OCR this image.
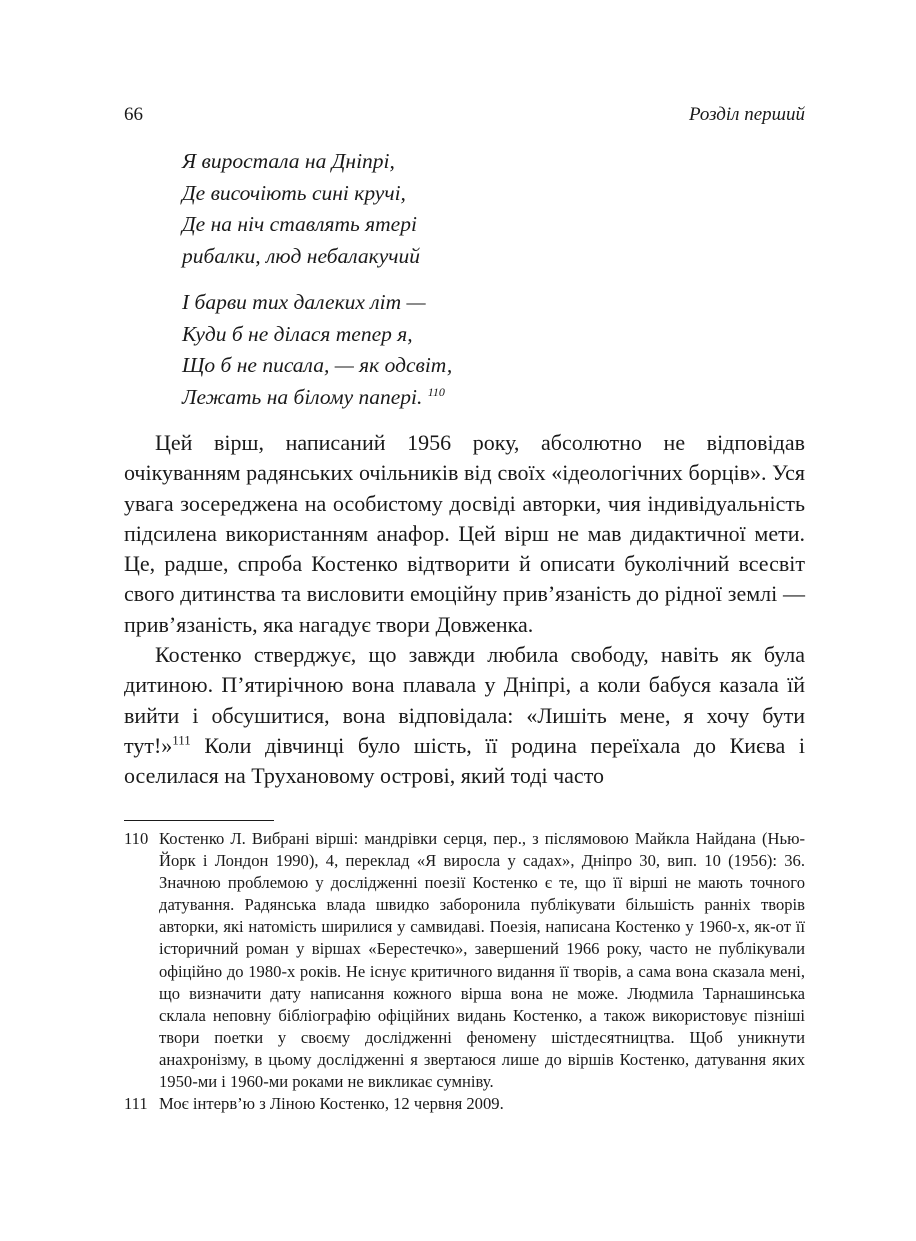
66	Розділ перший
Я виростала на Дніпрі,
Де височіють сині кручі,
Де на ніч ставлять ятері
рибалки, люд небалакучий
І барви тих далеких літ —
Куди б не ділася тепер я,
Що б не писала, — як одсвіт,
Лежать на білому папері. $^{110}$

Цей вірш, написаний 1956 року, абсолютно не відповідав очікуванням радянських очільників від своїх «ідеологічних борців». Уся увага зосереджена на особистому досвіді авторки, чия індивідуальність підсилена використанням анафор. Цей вірш не мав дидактичної мети. Це, радше, спроба Костенко відтворити й описати буколічний всесвіт свого дитинства та висловити емоційну прив’язаність до рідної землі — прив’язаність, яка нагадує твори Довженка.

Костенко стверджує, що завжди любила свободу, навіть як була дитиною. П’ятирічною вона плавала у Дніпрі, а коли бабуся казала їй вийти і обсушитися, вона відповідала: «Лишіть мене, я хочу бути тут!»$^{111}$ Коли дівчинці було шість, її родина переїхала до Києва і оселилася на Трухановому острові, який тоді часто

110 Костенко Л. Вибрані вірші: мандрівки серця, пер., з післямовою Майкла Найдана (Нью-Йорк і Лондон 1990), 4, переклад «Я виросла у садах», Дніпро 30, вип. 10 (1956): 36. Значною проблемою у дослідженні поезії Костенко є те, що її вірші не мають точного датування. Радянська влада швидко заборонила публікувати більшість ранніх творів авторки, які натомість ширилися у самвидаві. Поезія, написана Костенко у 1960-х, як-от її історичний роман у віршах «Берестечко», завершений 1966 року, часто не публікували офіційно до 1980-х років. Не існує критичного видання її творів, а сама вона сказала мені, що визначити дату написання кожного вірша вона не може. Людмила Тарнашинська склала неповну бібліографію офіційних видань Костенко, а також використовує пізніші твори поетки у своєму дослідженні феномену шістдесятництва. Щоб уникнути анахронізму, в цьому дослідженні я звертаюся лише до віршів Костенко, датування яких 1950-ми і 1960-ми роками не викликає сумніву.
111 Моє інтерв’ю з Ліною Костенко, 12 червня 2009.
